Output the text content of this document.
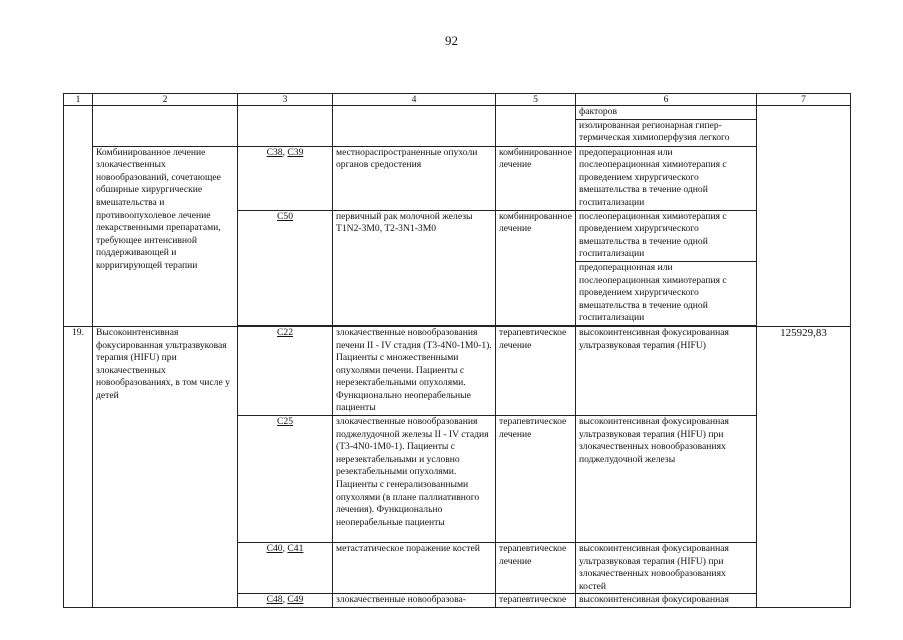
92
1	2	3	4	5	6	7
					факторов	
					изолированная регионарная гипер-термическая химиоперфузия легкого	
	Комбинированное лечение злокачественных новообразований, сочетающее обширные хирургические вмешательства и противоопухолевое лечение лекарственными препаратами, требующее интенсивной поддерживающей и корригирующей терапии	C38, C39	местнораспространенные опухоли органов средостения	комбинированное лечение	предоперационная или послеоперационная химиотерапия с проведением хирургического вмешательства в течение одной госпитализации	
		C50	первичный рак молочной железы T1N2-3M0, T2-3N1-3M0	комбинированное лечение	послеоперационная химиотерапия с проведением хирургического вмешательства в течение одной госпитализации	
					предоперационная или послеоперационная химиотерапия с проведением хирургического вмешательства в течение одной госпитализации	

19.	Высокоинтенсивная фокусированная ультразвуковая терапия (HIFU) при злокачественных новообразованиях, в том числе у детей	C22	злокачественные новообразования печени II - IV стадия (T3-4N0-1M0-1). Пациенты с множественными опухолями печени. Пациенты с нерезектабельными опухолями. Функционально неоперабельные пациенты	терапевтическое лечение	высокоинтенсивная фокусированная ультразвуковая терапия (HIFU)	125929,83
		C25	злокачественные новообразования поджелудочной железы II - IV стадия (T3-4N0-1M0-1). Пациенты с нерезектабельными и условно резектабельными опухолями. Пациенты с генерализованными опухолями (в плане паллиативного лечения). Функционально неоперабельные пациенты	терапевтическое лечение	высокоинтенсивная фокусированная ультразвуковая терапия (HIFU) при злокачественных новообразованиях поджелудочной железы	
		C40, C41	метастатическое поражение костей	терапевтическое лечение	высокоинтенсивная фокусированная ультразвуковая терапия (HIFU) при злокачественных новообразованиях костей	
		C48, C49	злокачественные новообразова-	терапевтическое	высокоинтенсивная фокусированная	
